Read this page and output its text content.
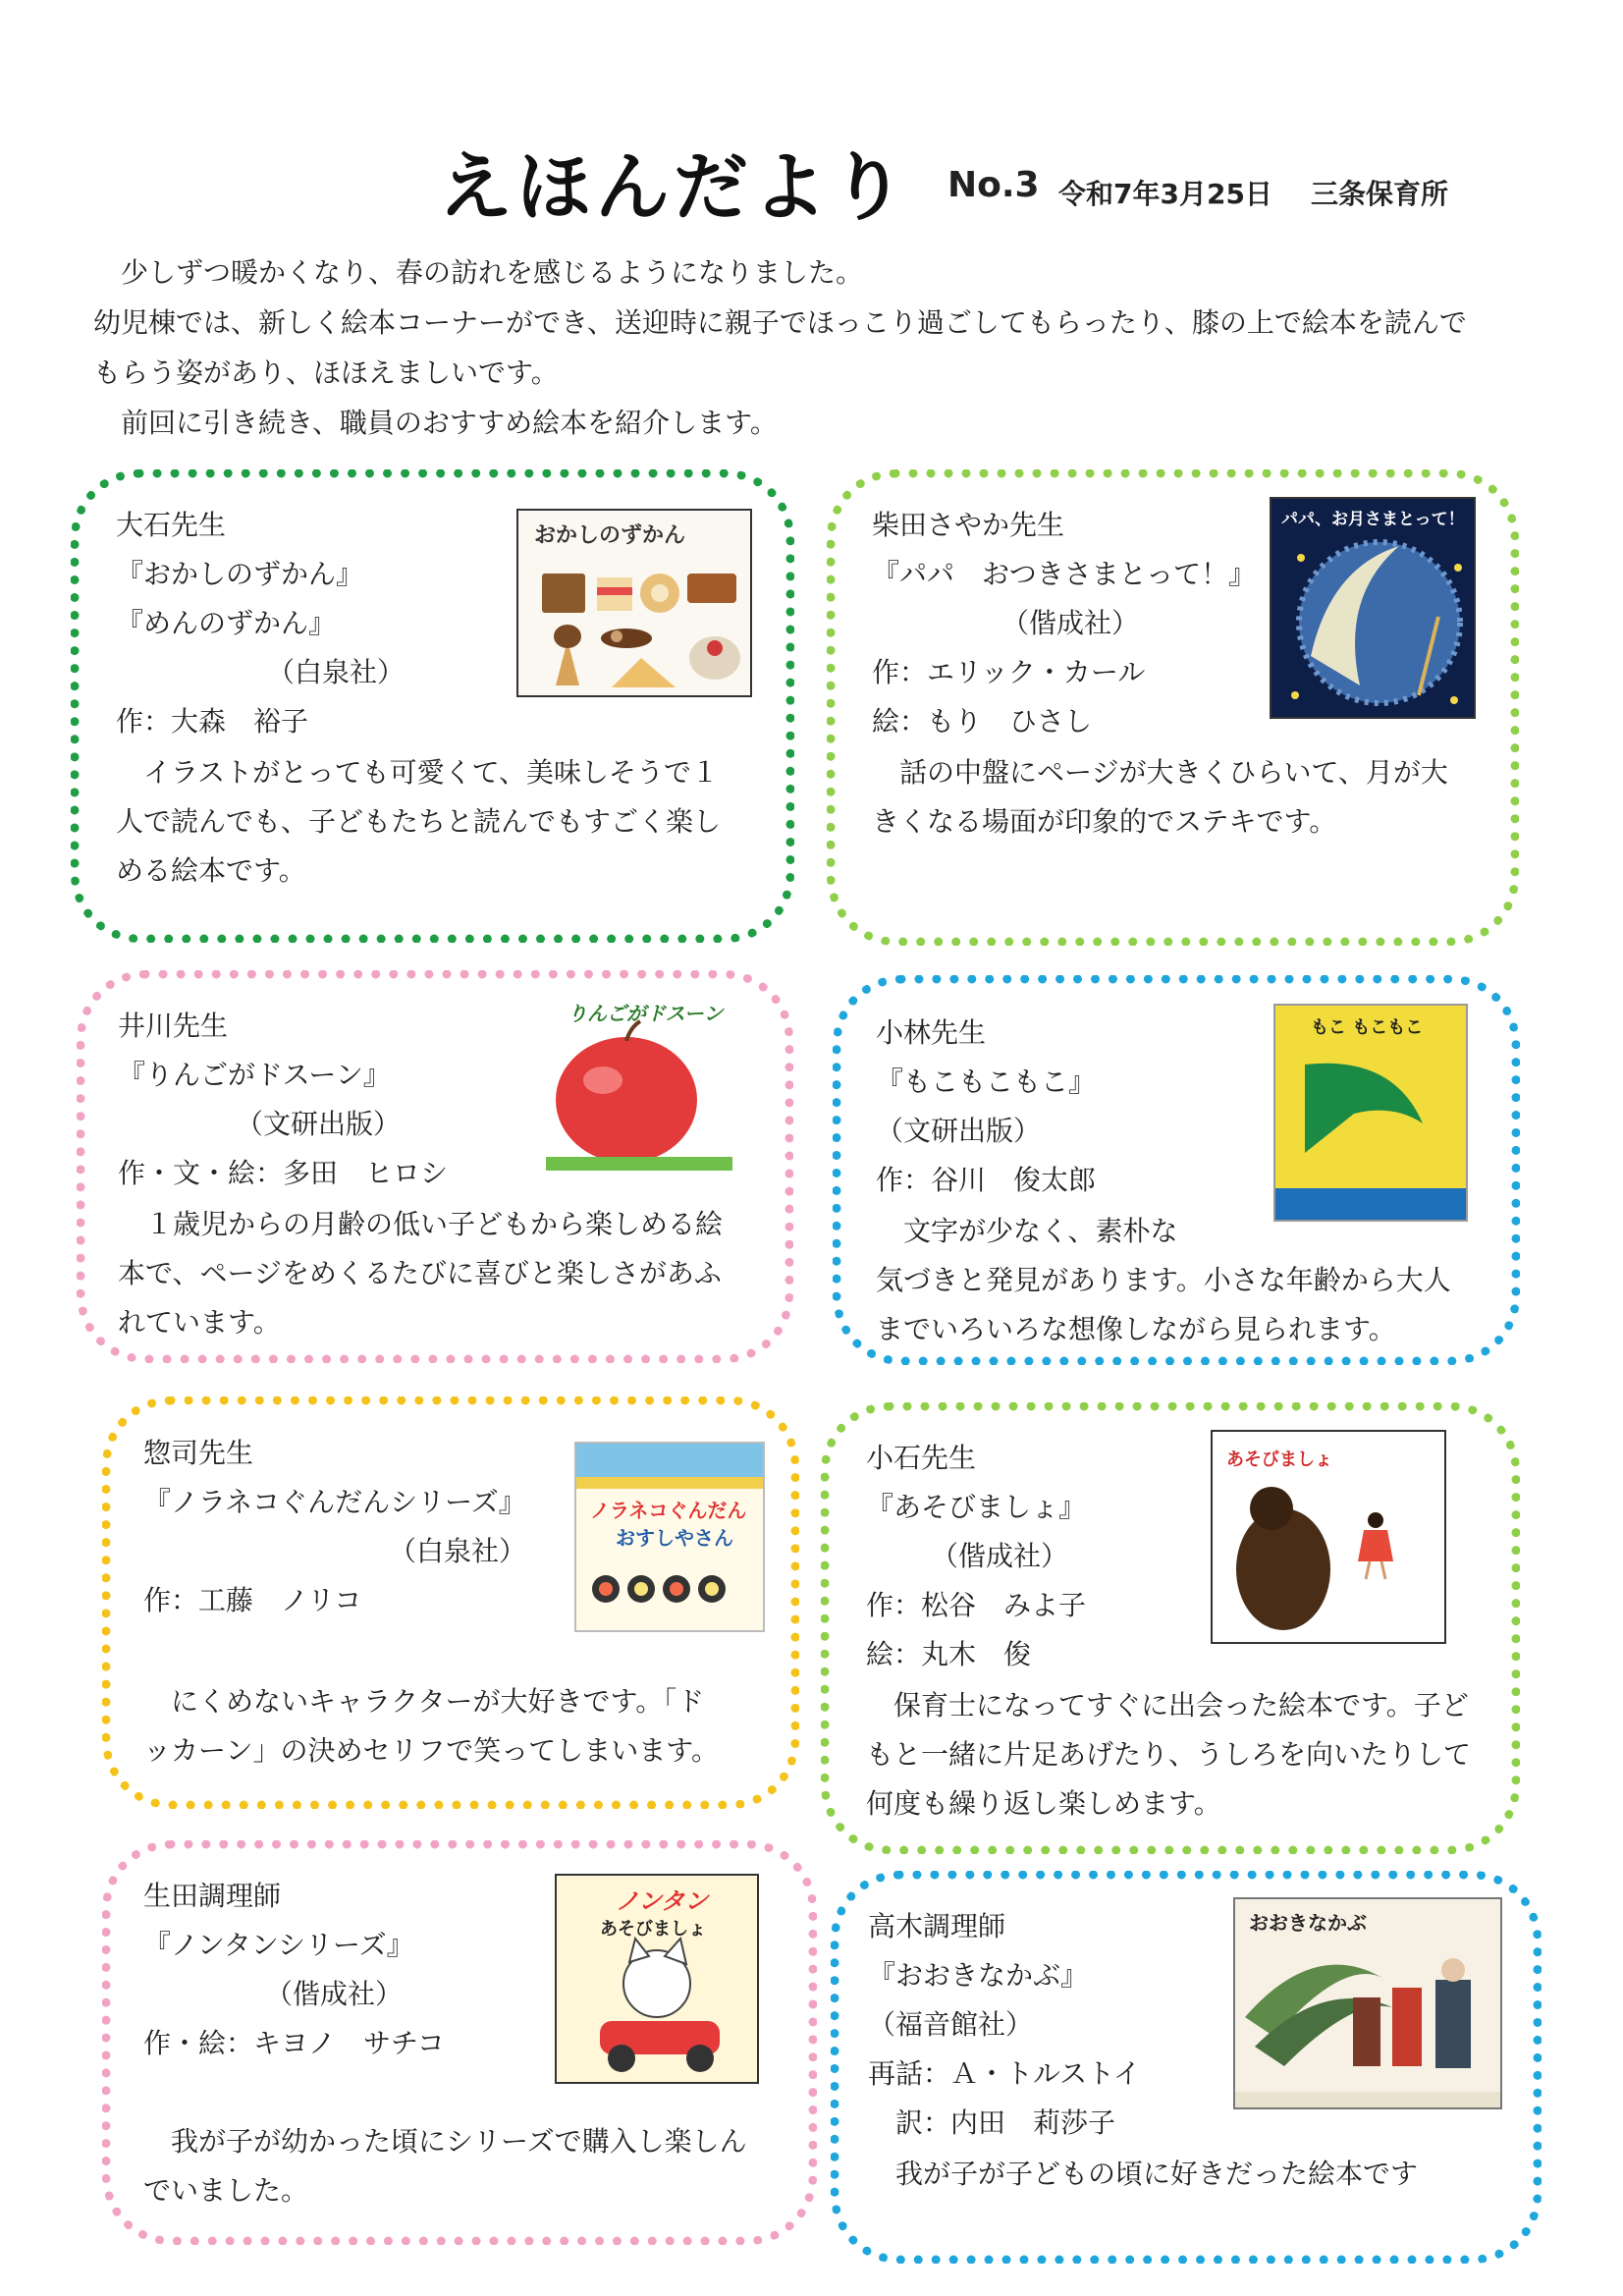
えほんだより No.3 令和7年3月25日 三条保育所
　少しずつ暖かくなり、春の訪れを感じるようになりました。
幼児棟では、新しく絵本コーナーができ、送迎時に親子でほっこり過ごしてもらったり、膝の上で絵本を読んで
もらう姿があり、ほほえましいです。
　前回に引き続き、職員のおすすめ絵本を紹介します。
大石先生
『おかしのずかん』
『めんのずかん』
（白泉社）
作：大森　裕子
　イラストがとっても可愛くて、美味しそうで１
人で読んでも、子どもたちと読んでもすごく楽し
める絵本です。
おかしのずかん	柴田さやか先生
『パパ　おつきさまとって！』
（偕成社）
作：エリック・カール
絵：もり　ひさし
　話の中盤にページが大きくひらいて、月が大
きくなる場面が印象的でステキです。
パパ、お月さまとって！
井川先生
『りんごがドスーン』
（文研出版）
作・文・絵：多田　ヒロシ
　１歳児からの月齢の低い子どもから楽しめる絵
本で、ページをめくるたびに喜びと楽しさがあふ
れています。
りんごがドスーン
小林先生
『もこもこもこ』
（文研出版）
作：谷川　俊太郎
　文字が少なく、素朴な
気づきと発見があります。小さな年齢から大人
までいろいろな想像しながら見られます。
もこ もこもこ
惣司先生
『ノラネコぐんだんシリーズ』
（白泉社）
作：工藤　ノリコ
　にくめないキャラクターが大好きです。「ド
ッカーン」の決めセリフで笑ってしまいます。
ノラネコぐんだん
おすしやさん
小石先生
『あそびましょ』
（偕成社）
作：松谷　みよ子
絵：丸木　俊
　保育士になってすぐに出会った絵本です。子ど
もと一緒に片足あげたり、うしろを向いたりして
何度も繰り返し楽しめます。
あそびましょ
生田調理師
『ノンタンシリーズ』
（偕成社）
作・絵：キヨノ　サチコ
　我が子が幼かった頃にシリーズで購入し楽しん
でいました。
ノンタン
あそびましょ	高木調理師
『おおきなかぶ』
（福音館社）
再話：Ａ・トルストイ
　訳：内田　莉莎子
　我が子が子どもの頃に好きだった絵本です
おおきなかぶ
